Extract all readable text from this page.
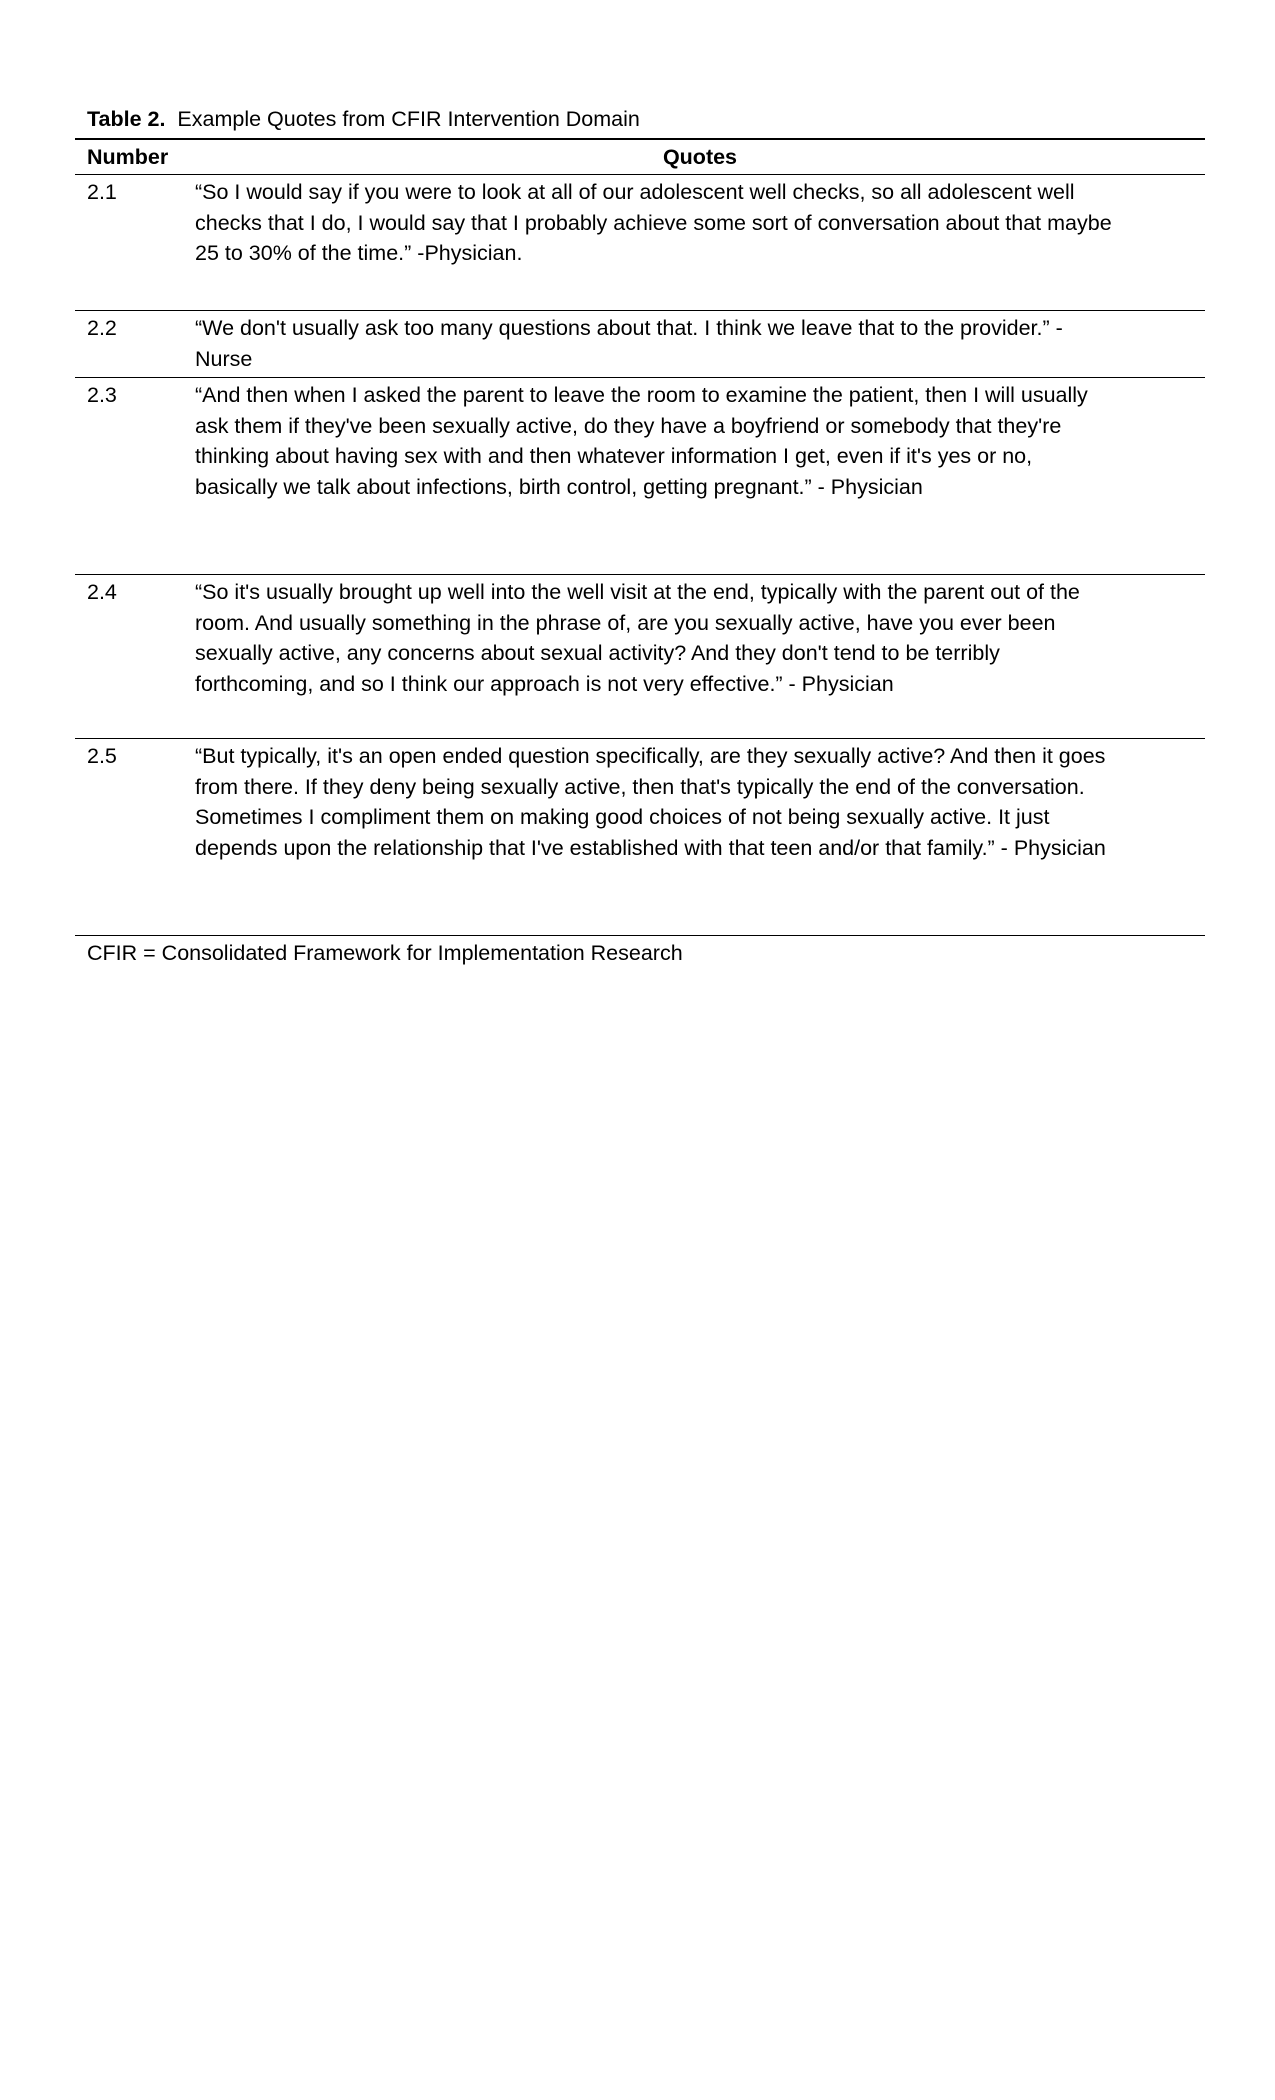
Table 2. Example Quotes from CFIR Intervention Domain
Number	Quotes
2.1	“So I would say if you were to look at all of our adolescent well checks, so all adolescent well
checks that I do, I would say that I probably achieve some sort of conversation about that maybe
25 to 30% of the time.” -Physician.
2.2	“We don't usually ask too many questions about that. I think we leave that to the provider.” -
Nurse
2.3	“And then when I asked the parent to leave the room to examine the patient, then I will usually
ask them if they've been sexually active, do they have a boyfriend or somebody that they're
thinking about having sex with and then whatever information I get, even if it's yes or no,
basically we talk about infections, birth control, getting pregnant.” - Physician
2.4	“So it's usually brought up well into the well visit at the end, typically with the parent out of the
room. And usually something in the phrase of, are you sexually active, have you ever been
sexually active, any concerns about sexual activity? And they don't tend to be terribly
forthcoming, and so I think our approach is not very effective.” - Physician
2.5	“But typically, it's an open ended question specifically, are they sexually active? And then it goes
from there. If they deny being sexually active, then that's typically the end of the conversation.
Sometimes I compliment them on making good choices of not being sexually active. It just
depends upon the relationship that I've established with that teen and/or that family.” - Physician
CFIR = Consolidated Framework for Implementation Research
